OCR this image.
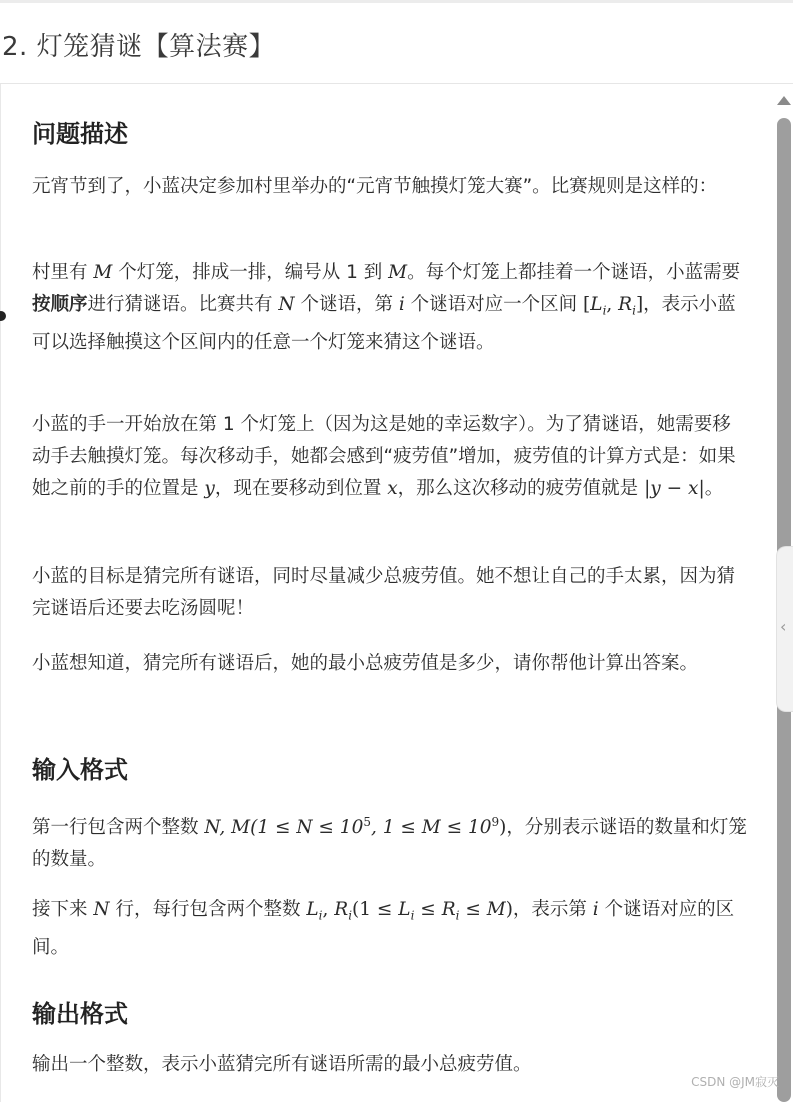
2. 灯笼猜谜【算法赛】
问题描述

元宵节到了，小蓝决定参加村里举办的“元宵节触摸灯笼大赛”。比赛规则是这样的：

村里有 M 个灯笼，排成一排，编号从 1 到 M。每个灯笼上都挂着一个谜语，小蓝需要按顺序进行猜谜语。比赛共有 N 个谜语，第 i 个谜语对应一个区间 [$L_i$, $R_i$]，表示小蓝可以选择触摸这个区间内的任意一个灯笼来猜这个谜语。

小蓝的手一开始放在第 1 个灯笼上（因为这是她的幸运数字）。为了猜谜语，她需要移动手去触摸灯笼。每次移动手，她都会感到“疲劳值”增加，疲劳值的计算方式是：如果她之前的手的位置是 y，现在要移动到位置 x，那么这次移动的疲劳值就是 |y − x|。

小蓝的目标是猜完所有谜语，同时尽量减少总疲劳值。她不想让自己的手太累，因为猜完谜语后还要去吃汤圆呢！

小蓝想知道，猜完所有谜语后，她的最小总疲劳值是多少，请你帮他计算出答案。

输入格式

第一行包含两个整数 N, $M(1 \le N \le 10^5$, $1 \le M \le 10^9$)，分别表示谜语的数量和灯笼的数量。

接下来 N 行，每行包含两个整数 $L_i$, $R_i(1 \le L_i \le R_i \le M)$，表示第 i 个谜语对应的区间。

输出格式

输出一个整数，表示小蓝猜完所有谜语所需的最小总疲劳值。

‹
CSDN @JM寂灭
